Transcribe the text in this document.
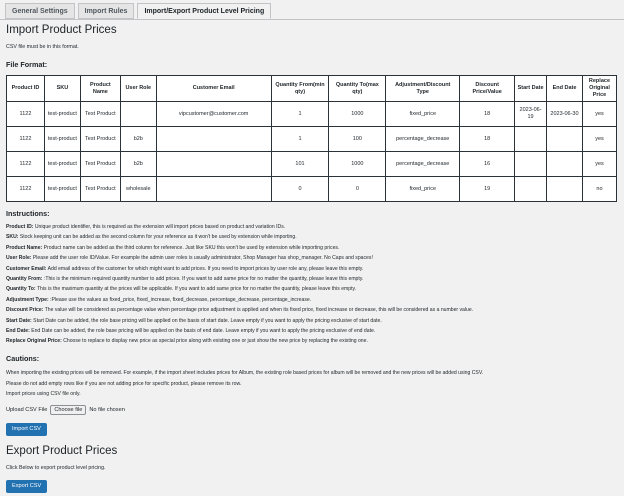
General Settings	Import Rules	Import/Export Product Level Pricing
Import Product Prices
CSV file must be in this format.
File Format:
Product ID	SKU	Product Name	User Role	Customer Email	Quantity From(min qty)	Quantity To(max qty)	Adjustment/Discount Type	Discount Price/Value	Start Date	End Date	Replace Original Price
1122	test-product	Test Product		vipcustomer@customer.com	1	1000	fixed_price	18	2023-06-19	2023-06-30	yes
1122	test-product	Test Product	b2b		1	100	percentage_decrease	18			yes
1122	test-product	Test Product	b2b		101	1000	percentage_decrease	16			yes
1122	test-product	Test Product	wholesale		0	0	fixed_price	19			no
Instructions:
Product ID: Unique product identifier, this is required as the extension will import prices based on product and variation IDs.
SKU: Stock keeping unit can be added as the second column for your reference as it won't be used by extension while importing.
Product Name: Product name can be added as the third column for reference. Just like SKU this won't be used by extension while importing prices.
User Role: Please add the user role ID/Value. For example the admin user roles is usually administrator, Shop Manager has shop_manager. No Caps and spaces!
Customer Email: Add email address of the customer for which might want to add prices. If you need to import prices by user role any, please leave this empty.
Quantity From: :This is the minimum required quantity number to add prices. If you want to add same price for no matter the quantity, please leave this empty.
Quantity To: This is the maximum quantity at the prices will be applicable. If you want to add same price for no matter the quantity, please leave this empty.
Adjustment Type: :Please use the values as fixed_price, fixed_increase, fixed_decrease, percentage_decrease, percentage_increase.
Discount Price: The value will be considered as percentage value when percentage price adjustment is applied and when its fixed price, fixed increase or decrease, this will be considered as a number value.
Start Date: Start Date can be added, the role base pricing will be applied on the basis of start date. Leave empty if you want to apply the pricing exclusive of start date.
End Date: End Date can be added, the role base pricing will be applied on the basis of end date. Leave empty if you want to apply the pricing exclusive of end date.
Replace Original Price: Choose to replace to display new price as special price along with existing one or just show the new price by replacing the existing one.
Cautions:
When importing the existing prices will be removed. For example, if the import sheet includes prices for Album, the existing role based prices for album will be removed and the new prices will be added using CSV.
Please do not add empty rows like if you are not adding price for specific product, please remove its row.
Import prices using CSV file only.
Upload CSV File	Choose file	No file chosen
Import CSV
Export Product Prices
Click Below to export product level pricing.
Export CSV
